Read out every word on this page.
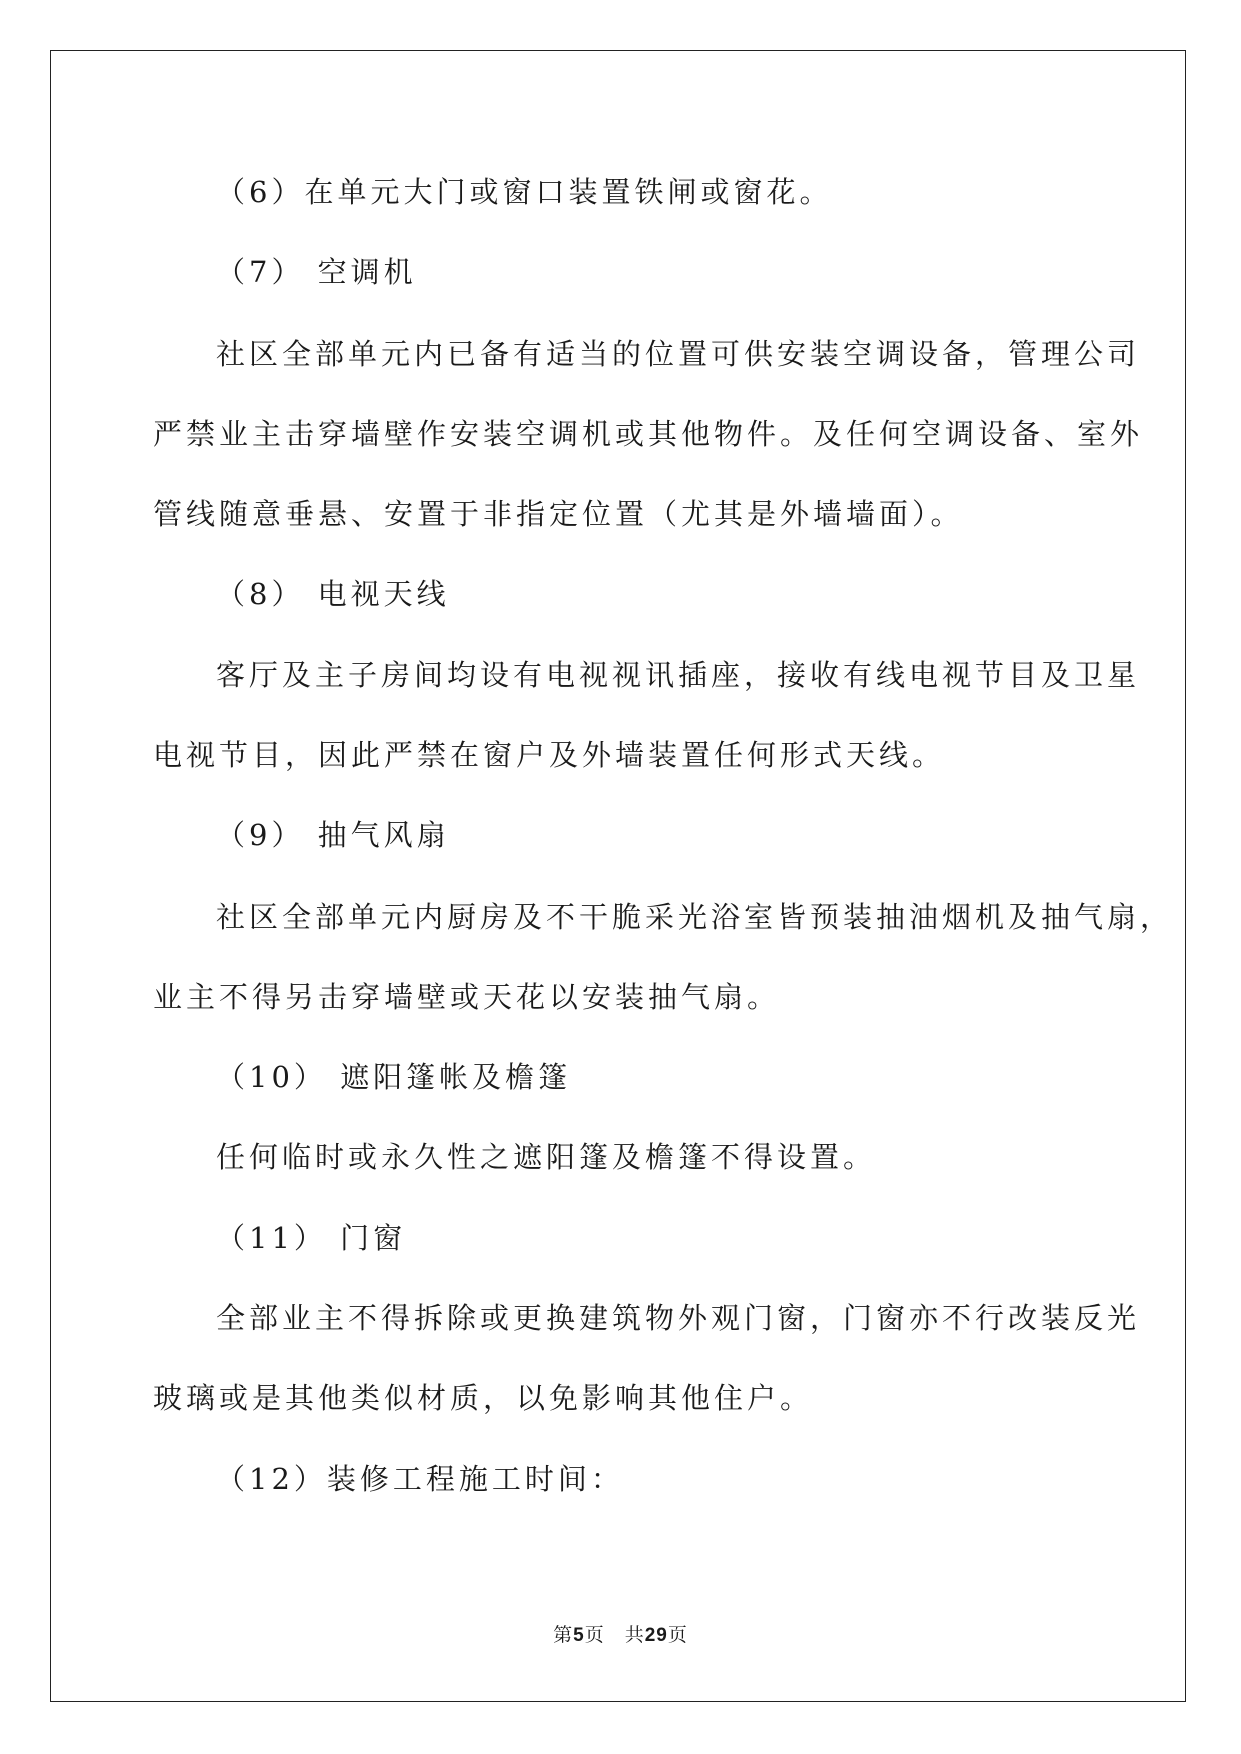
（6）在单元大门或窗口装置铁闸或窗花。
（7） 空调机
社区全部单元内已备有适当的位置可供安装空调设备，管理公司
严禁业主击穿墙壁作安装空调机或其他物件。及任何空调设备、室外
管线随意垂悬、安置于非指定位置（尤其是外墙墙面）。
（8） 电视天线
客厅及主子房间均设有电视视讯插座，接收有线电视节目及卫星
电视节目，因此严禁在窗户及外墙装置任何形式天线。
（9） 抽气风扇
社区全部单元内厨房及不干脆采光浴室皆预装抽油烟机及抽气扇，
业主不得另击穿墙壁或天花以安装抽气扇。
（10） 遮阳篷帐及檐篷
任何临时或永久性之遮阳篷及檐篷不得设置。
（11） 门窗
全部业主不得拆除或更换建筑物外观门窗，门窗亦不行改装反光
玻璃或是其他类似材质，以免影响其他住户。
（12）装修工程施工时间：
第5页　共29页
